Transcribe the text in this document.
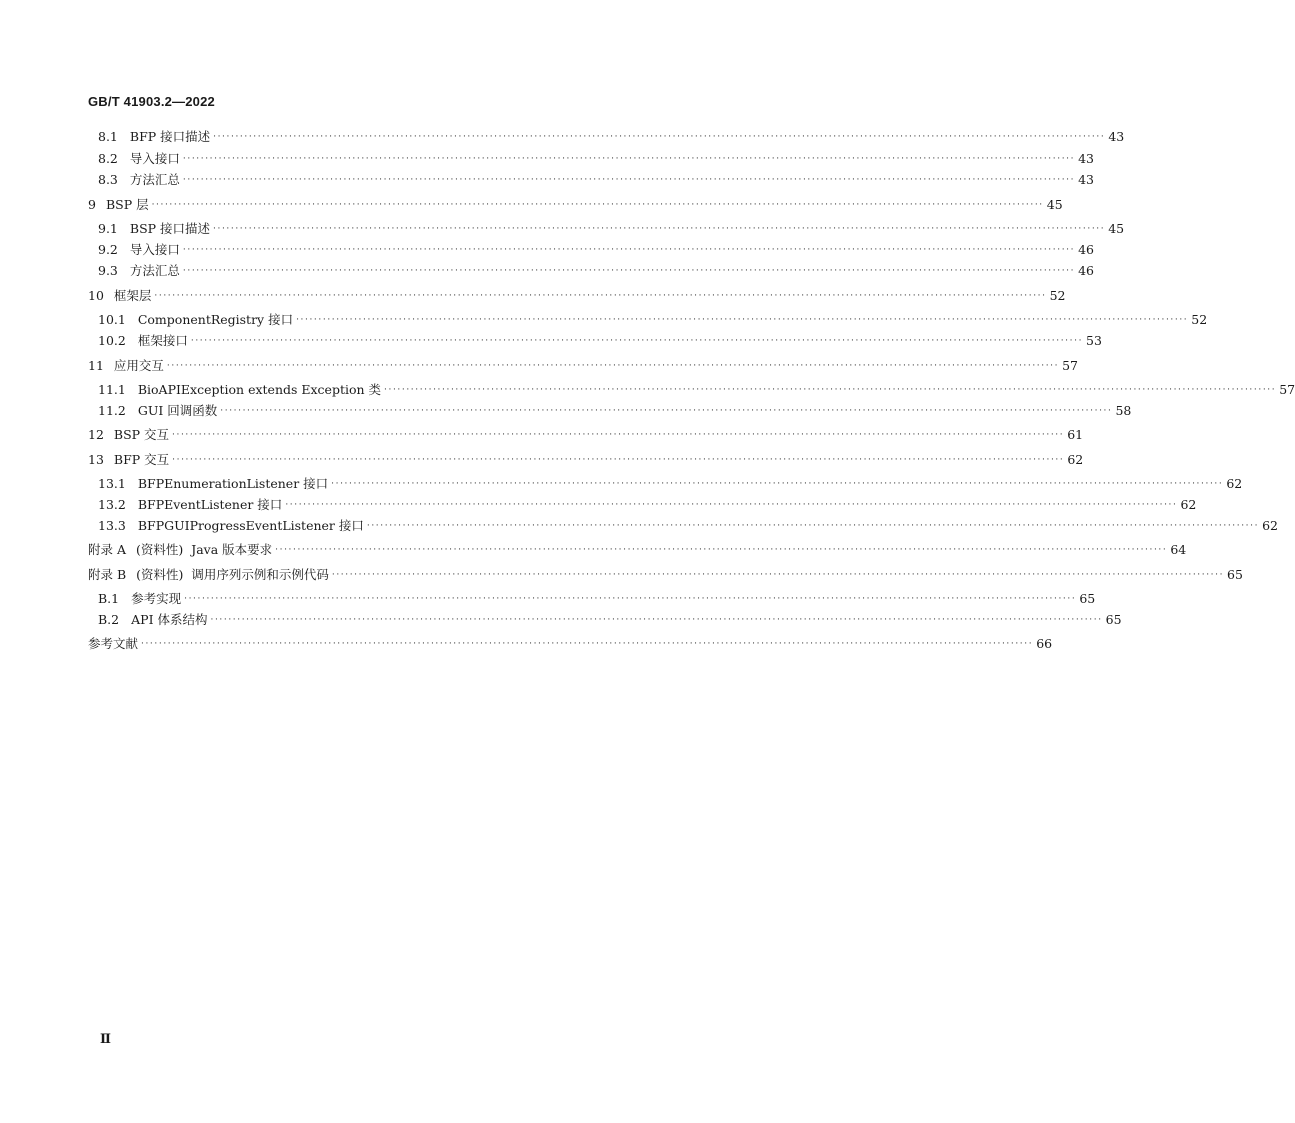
GB/T 41903.2—2022
8.1 BFP 接口描述 ········································································································································································································ 43
8.2 导入接口 ········································································································································································································ 43
8.3 方法汇总 ········································································································································································································ 43
9 BSP 层 ········································································································································································································ 45
9.1 BSP 接口描述 ········································································································································································································ 45
9.2 导入接口 ········································································································································································································ 46
9.3 方法汇总 ········································································································································································································ 46
10 框架层 ········································································································································································································ 52
10.1 ComponentRegistry 接口 ········································································································································································································ 52
10.2 框架接口 ········································································································································································································ 53
11 应用交互 ········································································································································································································ 57
11.1 BioAPIException extends Exception 类 ········································································································································································································ 57
11.2 GUI 回调函数 ········································································································································································································ 58
12 BSP 交互 ········································································································································································································ 61
13 BFP 交互 ········································································································································································································ 62
13.1 BFPEnumerationListener 接口 ········································································································································································································ 62
13.2 BFPEventListener 接口 ········································································································································································································ 62
13.3 BFPGUIProgressEventListener 接口 ········································································································································································································ 62
附录 A (资料性)  Java 版本要求 ········································································································································································································ 64
附录 B (资料性)  调用序列示例和示例代码 ········································································································································································································ 65
B.1 参考实现 ········································································································································································································ 65
B.2 API 体系结构 ········································································································································································································ 65
参考文献 ········································································································································································································ 66
Ⅱ
